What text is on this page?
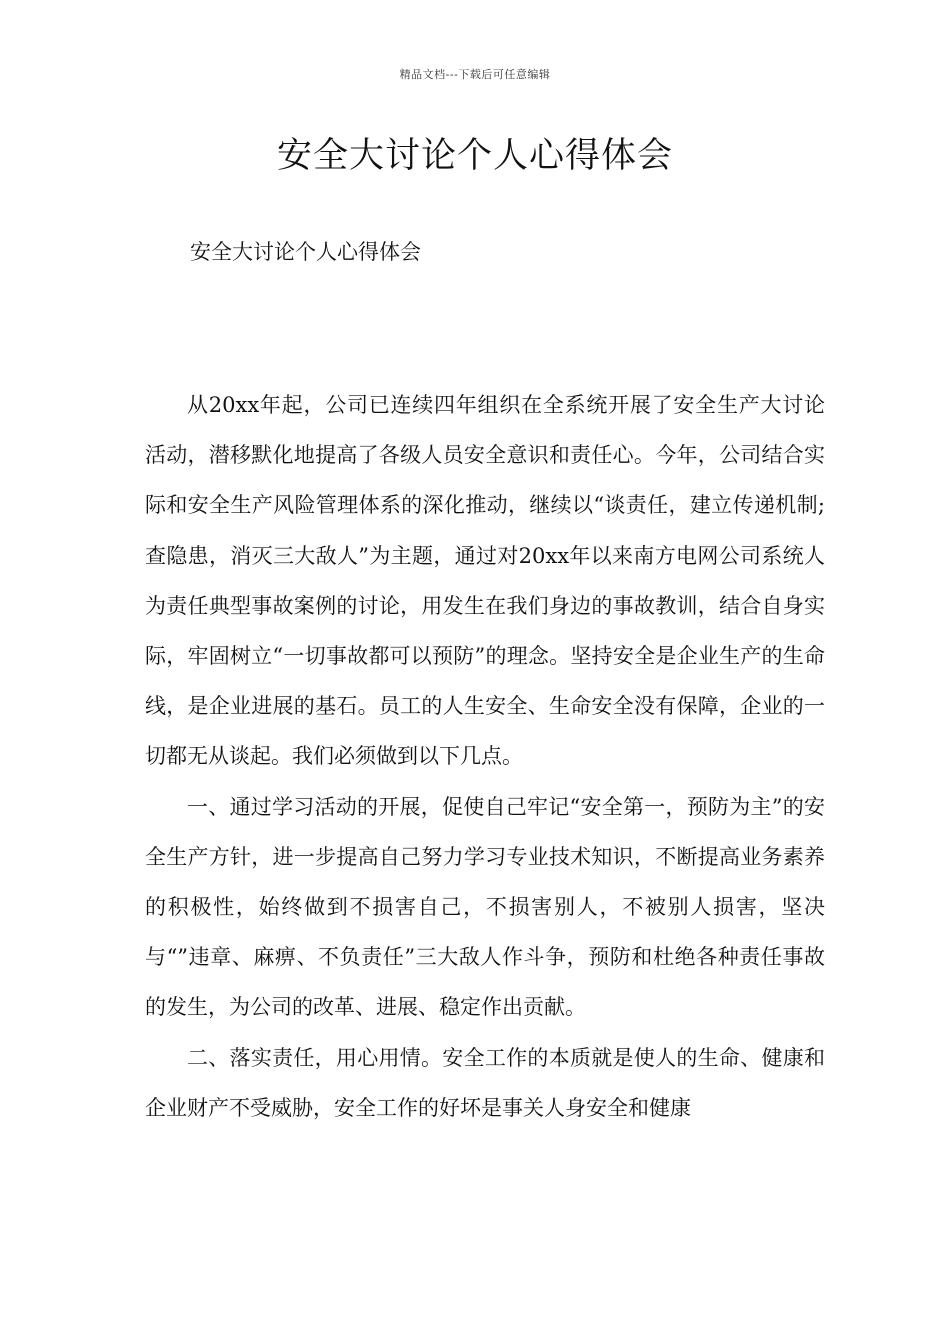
精品文档---下载后可任意编辑
安全大讨论个人心得体会

安全大讨论个人心得体会

从20xx年起，公司已连续四年组织在全系统开展了安全生产大讨论活动，潜移默化地提高了各级人员安全意识和责任心。今年，公司结合实际和安全生产风险管理体系的深化推动，继续以“谈责任，建立传递机制;查隐患，消灭三大敌人”为主题，通过对20xx年以来南方电网公司系统人为责任典型事故案例的讨论，用发生在我们身边的事故教训，结合自身实际，牢固树立“一切事故都可以预防”的理念。坚持安全是企业生产的生命线，是企业进展的基石。员工的人生安全、生命安全没有保障，企业的一切都无从谈起。我们必须做到以下几点。

一、通过学习活动的开展，促使自己牢记“安全第一，预防为主”的安全生产方针，进一步提高自己努力学习专业技术知识，不断提高业务素养的积极性，始终做到不损害自己，不损害别人，不被别人损害，坚决与“”违章、麻痹、不负责任”三大敌人作斗争，预防和杜绝各种责任事故的发生，为公司的改革、进展、稳定作出贡献。

二、落实责任，用心用情。安全工作的本质就是使人的生命、健康和企业财产不受威胁，安全工作的好坏是事关人身安全和健康
